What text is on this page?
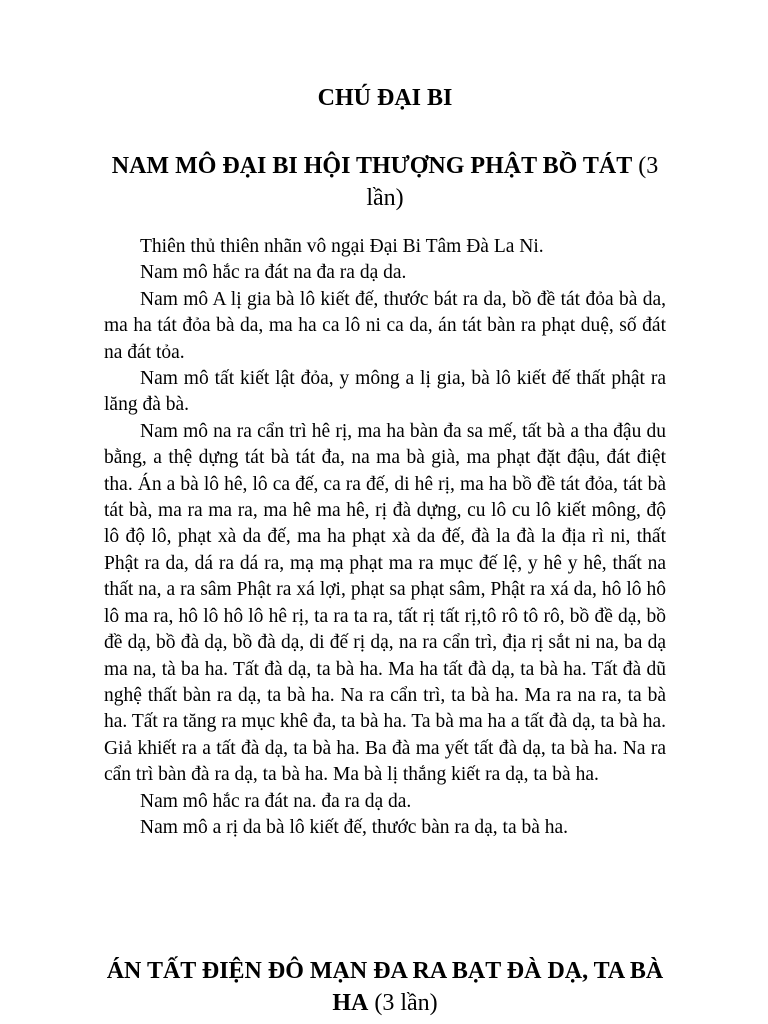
CHÚ ĐẠI BI
NAM MÔ ĐẠI BI HỘI THƯỢNG PHẬT BỒ TÁT (3 lần)

Thiên thủ thiên nhãn vô ngại Đại Bi Tâm Đà La Ni.

Nam mô hắc ra đát na đa ra dạ da.

Nam mô A lị gia bà lô kiết đế, thước bát ra da, bồ đề tát đỏa bà da, ma ha tát đỏa bà da, ma ha ca lô ni ca da, án tát bàn ra phạt duệ, số đát na đát tỏa.

Nam mô tất kiết lật đỏa, y mông a lị gia, bà lô kiết đế thất phật ra lăng đà bà.

Nam mô na ra cẩn trì hê rị, ma ha bàn đa sa mế, tất bà a tha đậu du bằng, a thệ dựng tát bà tát đa, na ma bà già, ma phạt đặt đậu, đát điệt tha. Án a bà lô hê, lô ca đế, ca ra đế, di hê rị, ma ha bồ đề tát đỏa, tát bà tát bà, ma ra ma ra, ma hê ma hê, rị đà dựng, cu lô cu lô kiết mông, độ lô độ lô, phạt xà da đế, ma ha phạt xà da đế, đà la đà la địa rì ni, thất Phật ra da, dá ra dá ra, mạ mạ phạt ma ra mục đế lệ, y hê y hê, thất na thất na, a ra sâm Phật ra xá lợi, phạt sa phạt sâm, Phật ra xá da, hô lô hô lô ma ra, hô lô hô lô hê rị, ta ra ta ra, tất rị tất rị,tô rô tô rô, bồ đề dạ, bồ đề dạ, bồ đà dạ, bồ đà dạ, di đế rị dạ, na ra cẩn trì, địa rị sắt ni na, ba dạ ma na, tà ba ha. Tất đà dạ, ta bà ha. Ma ha tất đà dạ, ta bà ha. Tất đà dũ nghệ thất bàn ra dạ, ta bà ha. Na ra cẩn trì, ta bà ha. Ma ra na ra, ta bà ha. Tất ra tăng ra mục khê đa, ta bà ha. Ta bà ma ha a tất đà dạ, ta bà ha. Giả khiết ra a tất đà dạ, ta bà ha. Ba đà ma yết tất đà dạ, ta bà ha. Na ra cẩn trì bàn đà ra dạ, ta bà ha. Ma bà lị thắng kiết ra dạ, ta bà ha.

Nam mô hắc ra đát na. đa ra dạ da.

Nam mô a rị da bà lô kiết đế, thước bàn ra dạ, ta bà ha.

ÁN TẤT ĐIỆN ĐÔ MẠN ĐA RA BẠT ĐÀ DẠ, TA BÀ HA (3 lần)
